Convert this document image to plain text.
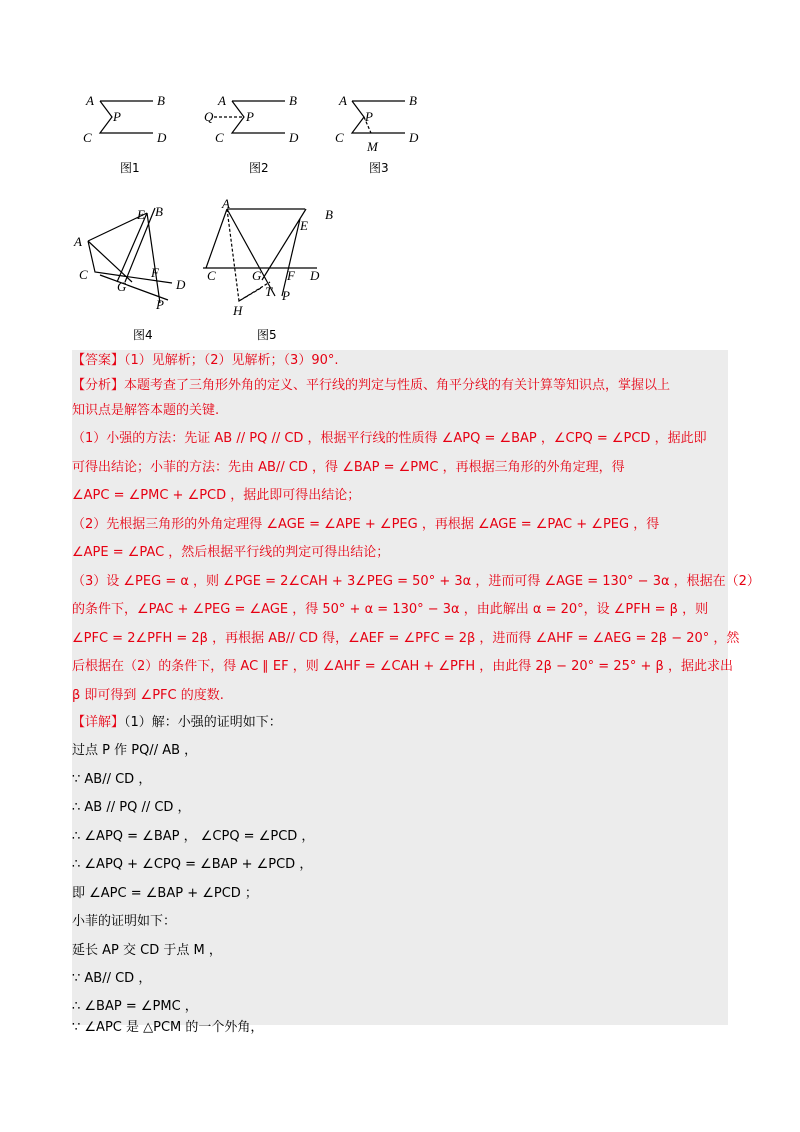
A	B
C	D
P
图1
A	B
Q	P
C	D
图2
A	B
P
C	D
M
图3
A
E B
C	F
D
G
P
图4
A
E
B
C	G F D
T P
H
图5
【答案】（1）见解析；（2）见解析；（3）90°.
【分析】本题考查了三角形外角的定义、平行线的判定与性质、角平分线的有关计算等知识点，掌握以上
知识点是解答本题的关键.
（1）小强的方法：先证 AB // PQ // CD ，根据平行线的性质得 ∠APQ = ∠BAP ，∠CPQ = ∠PCD ，据此即
可得出结论；小菲的方法：先由 AB// CD ，得 ∠BAP = ∠PMC ，再根据三角形的外角定理，得
∠APC = ∠PMC + ∠PCD ，据此即可得出结论；
（2）先根据三角形的外角定理得 ∠AGE = ∠APE + ∠PEG ，再根据 ∠AGE = ∠PAC + ∠PEG ，得
∠APE = ∠PAC ，然后根据平行线的判定可得出结论；
（3）设 ∠PEG = α ，则 ∠PGE = 2∠CAH + 3∠PEG = 50° + 3α ，进而可得 ∠AGE = 130° − 3α ，根据在（2）
的条件下，∠PAC + ∠PEG = ∠AGE ，得 50° + α = 130° − 3α ，由此解出 α = 20°，设 ∠PFH = β ，则
∠PFC = 2∠PFH = 2β ，再根据 AB// CD 得，∠AEF = ∠PFC = 2β ，进而得 ∠AHF = ∠AEG = 2β − 20° ，然
后根据在（2）的条件下，得 AC ∥ EF ，则 ∠AHF = ∠CAH + ∠PFH ，由此得 2β − 20° = 25° + β ，据此求出
β 即可得到 ∠PFC 的度数.
【详解】（1）解：小强的证明如下：
过点 P 作 PQ// AB ，
∵ AB// CD ，
∴ AB // PQ // CD ，
∴ ∠APQ = ∠BAP ， ∠CPQ = ∠PCD ，
∴ ∠APQ + ∠CPQ = ∠BAP + ∠PCD ，
即 ∠APC = ∠BAP + ∠PCD ；
小菲的证明如下：
延长 AP 交 CD 于点 M ，
∵ AB// CD ，
∴ ∠BAP = ∠PMC ，
∵ ∠APC 是 △PCM 的一个外角，
